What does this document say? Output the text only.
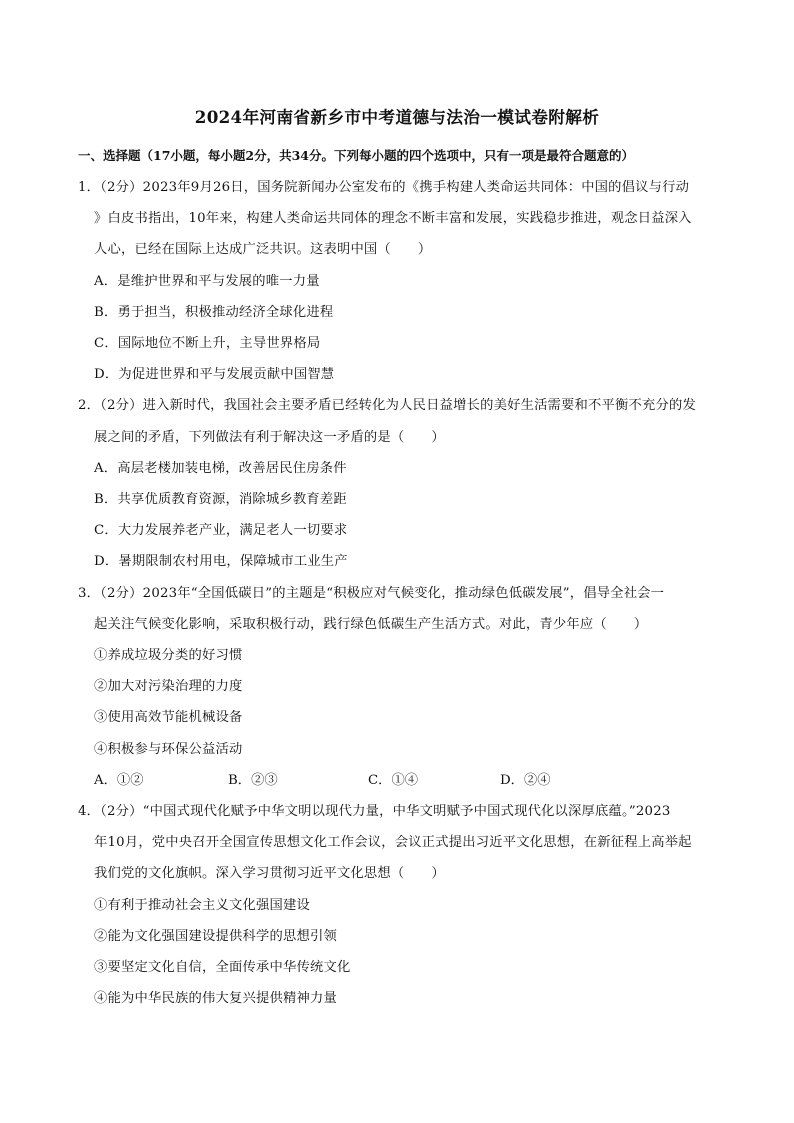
2024年河南省新乡市中考道德与法治一模试卷附解析
一、选择题（17小题，每小题2分，共34分。下列每小题的四个选项中，只有一项是最符合题意的）
1．（2分）2023年9月26日，国务院新闻办公室发布的《携手构建人类命运共同体：中国的倡议与行动
》白皮书指出，10年来，构建人类命运共同体的理念不断丰富和发展，实践稳步推进，观念日益深入
人心，已经在国际上达成广泛共识。这表明中国（　　）
A．是维护世界和平与发展的唯一力量
B．勇于担当，积极推动经济全球化进程
C．国际地位不断上升，主导世界格局
D．为促进世界和平与发展贡献中国智慧
2．（2分）进入新时代，我国社会主要矛盾已经转化为人民日益增长的美好生活需要和不平衡不充分的发
展之间的矛盾，下列做法有利于解决这一矛盾的是（　　）
A．高层老楼加装电梯，改善居民住房条件
B．共享优质教育资源，消除城乡教育差距
C．大力发展养老产业，满足老人一切要求
D．暑期限制农村用电，保障城市工业生产
3．（2分）2023年“全国低碳日”的主题是“积极应对气候变化，推动绿色低碳发展”，倡导全社会一
起关注气候变化影响，采取积极行动，践行绿色低碳生产生活方式。对此，青少年应（　　）
①养成垃圾分类的好习惯
②加大对污染治理的力度
③使用高效节能机械设备
④积极参与环保公益活动
A．①②	B．②③	C．①④	D．②④
4．（2分）“中国式现代化赋予中华文明以现代力量，中华文明赋予中国式现代化以深厚底蕴。”2023
年10月，党中央召开全国宣传思想文化工作会议，会议正式提出习近平文化思想，在新征程上高举起
我们党的文化旗帜。深入学习贯彻习近平文化思想（　　）
①有利于推动社会主义文化强国建设
②能为文化强国建设提供科学的思想引领
③要坚定文化自信，全面传承中华传统文化
④能为中华民族的伟大复兴提供精神力量
